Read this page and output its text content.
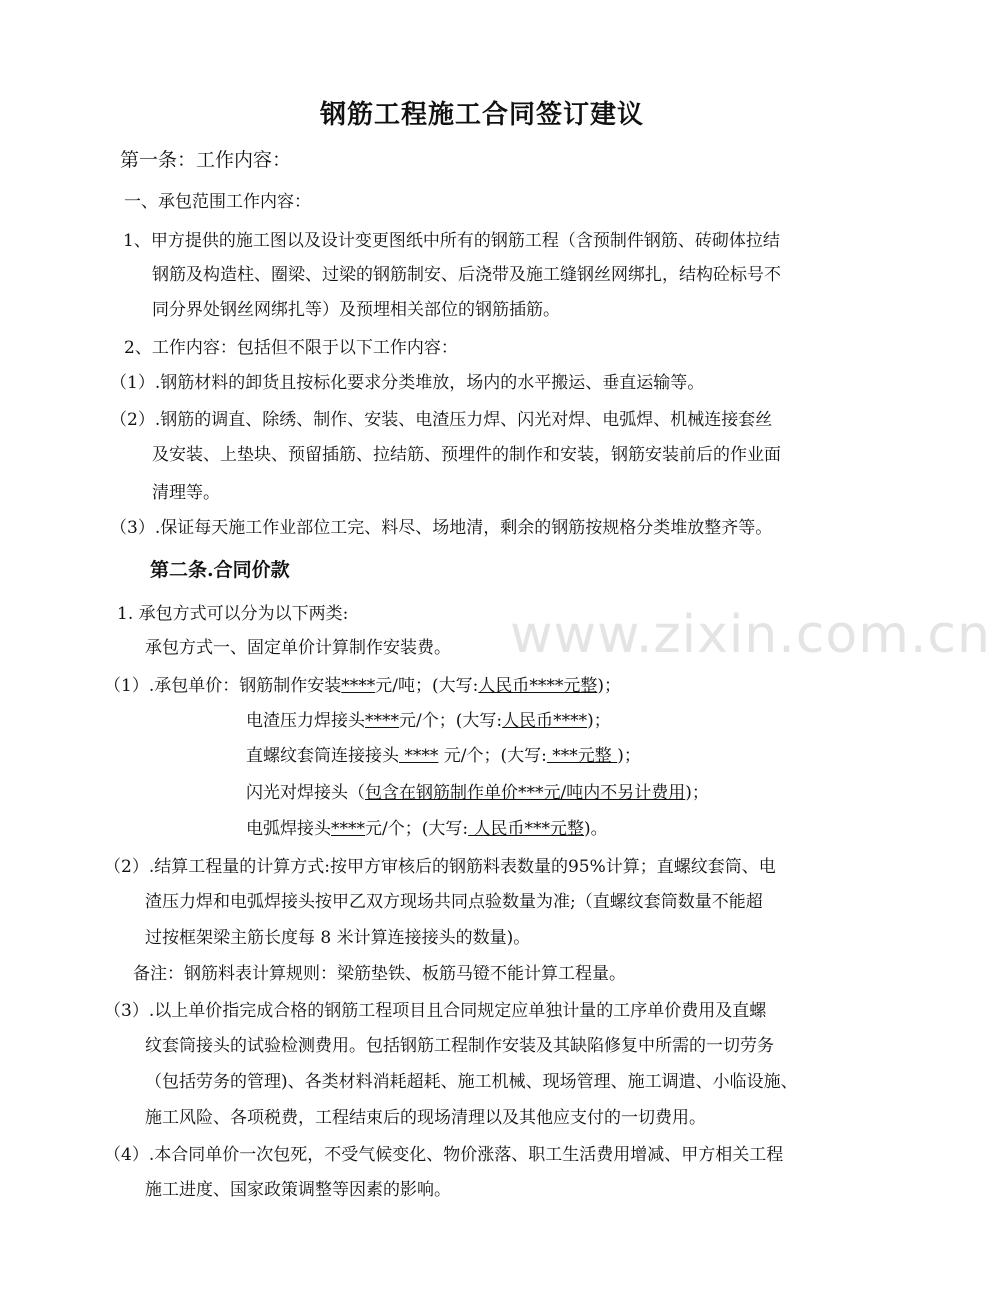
www.zixin.com.cn
钢筋工程施工合同签订建议
第一条：工作内容：
一、承包范围工作内容：
1、甲方提供的施工图以及设计变更图纸中所有的钢筋工程（含预制件钢筋、砖砌体拉结
钢筋及构造柱、圈梁、过梁的钢筋制安、后浇带及施工缝钢丝网绑扎，结构砼标号不
同分界处钢丝网绑扎等）及预埋相关部位的钢筋插筋。
2、工作内容：包括但不限于以下工作内容：
（1）.钢筋材料的卸货且按标化要求分类堆放，场内的水平搬运、垂直运输等。
（2）.钢筋的调直、除绣、制作、安装、电渣压力焊、闪光对焊、电弧焊、机械连接套丝
及安装、上垫块、预留插筋、拉结筋、预埋件的制作和安装，钢筋安装前后的作业面
清理等。
（3）.保证每天施工作业部位工完、料尽、场地清，剩余的钢筋按规格分类堆放整齐等。
第二条.合同价款
1. 承包方式可以分为以下两类:
承包方式一、固定单价计算制作安装费。
（1）.承包单价：钢筋制作安装****元/吨；(大写:人民币****元整)；
电渣压力焊接头****元/个；(大写:人民币****)；
直螺纹套筒连接接头 **** 元/个；(大写: ***元整 )；
闪光对焊接头（包含在钢筋制作单价***元/吨内不另计费用)；
电弧焊接头****元/个；(大写: 人民币***元整)。
（2）.结算工程量的计算方式:按甲方审核后的钢筋料表数量的95%计算；直螺纹套筒、电
渣压力焊和电弧焊接头按甲乙双方现场共同点验数量为准;（直螺纹套筒数量不能超
过按框架梁主筋长度每 8 米计算连接接头的数量)。
备注：钢筋料表计算规则：梁筋垫铁、板筋马镫不能计算工程量。
（3）.以上单价指完成合格的钢筋工程项目且合同规定应单独计量的工序单价费用及直螺
纹套筒接头的试验检测费用。包括钢筋工程制作安装及其缺陷修复中所需的一切劳务
（包括劳务的管理)、各类材料消耗超耗、施工机械、现场管理、施工调遣、小临设施、
施工风险、各项税费，工程结束后的现场清理以及其他应支付的一切费用。
（4）.本合同单价一次包死，不受气候变化、物价涨落、职工生活费用增减、甲方相关工程
施工进度、国家政策调整等因素的影响。
